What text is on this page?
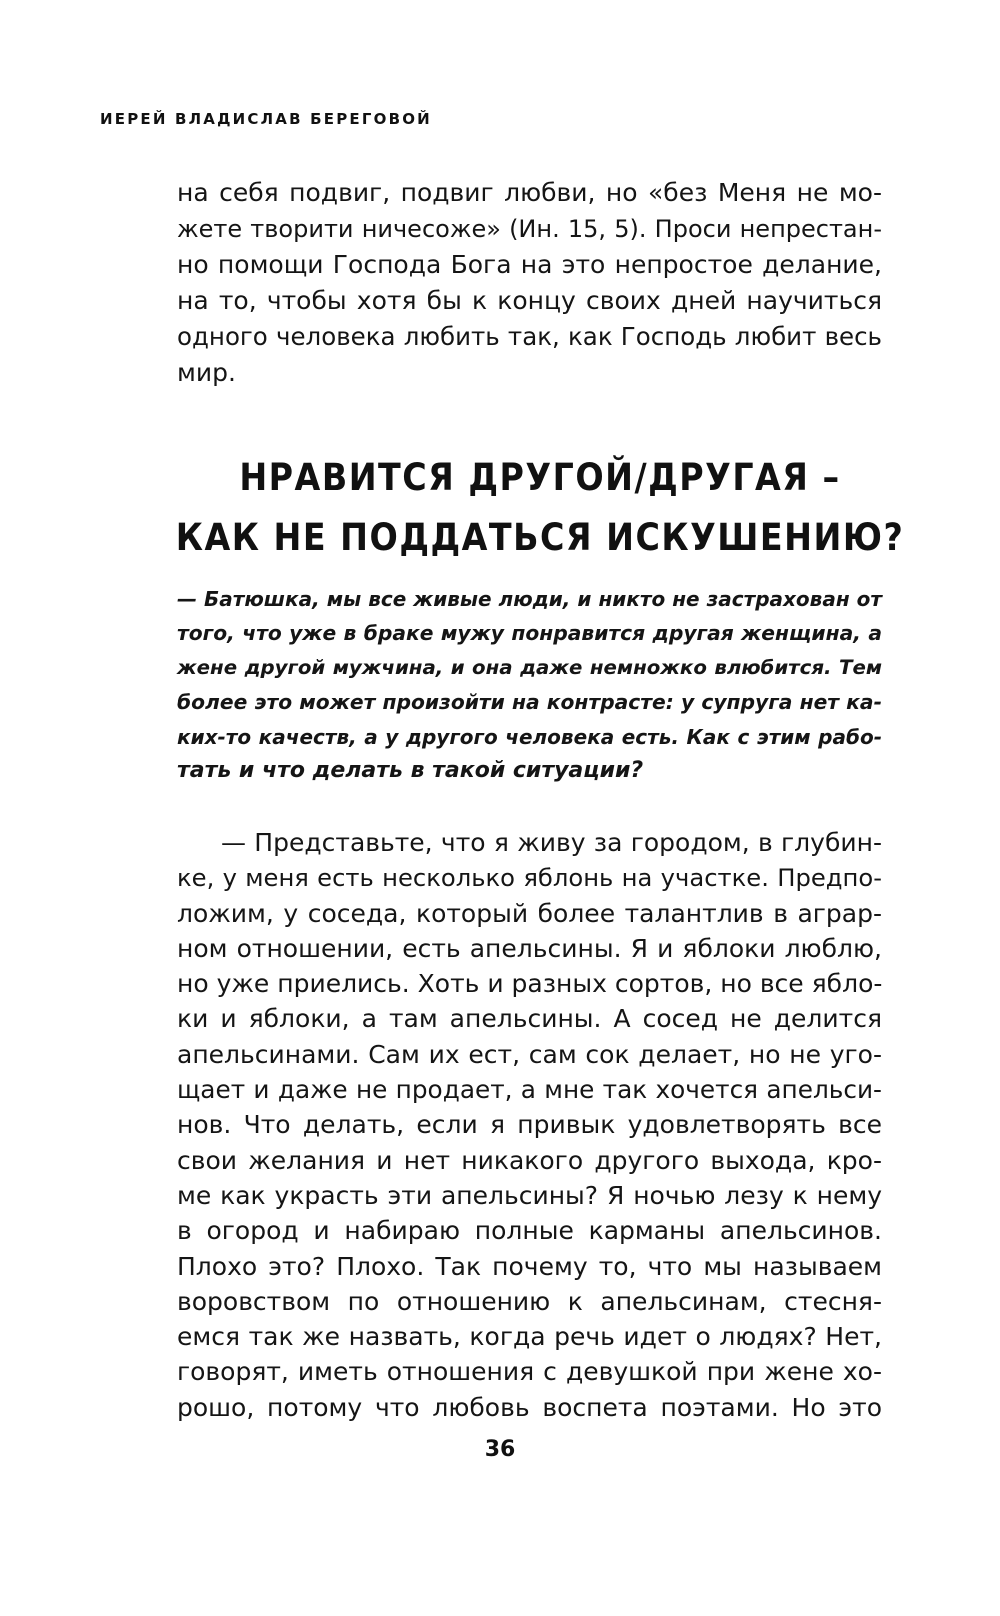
ИЕРЕЙ ВЛАДИСЛАВ БЕРЕГОВОЙ
на себя подвиг, подвиг любви, но «без Меня не мо-
жете творити ничесоже» (Ин. 15, 5). Проси непрестан-
но помощи Господа Бога на это непростое делание,
на то, чтобы хотя бы к концу своих дней научиться
одного человека любить так, как Господь любит весь
мир.
НРАВИТСЯ ДРУГОЙ/ДРУГАЯ –
КАК НЕ ПОДДАТЬСЯ ИСКУШЕНИЮ?
— Батюшка, мы все живые люди, и никто не застрахован от
того, что уже в браке мужу понравится другая женщина, а
жене другой мужчина, и она даже немножко влюбится. Тем
более это может произойти на контрасте: у супруга нет ка-
ких-то качеств, а у другого человека есть. Как с этим рабо-
тать и что делать в такой ситуации?
— Представьте, что я живу за городом, в глубин-
ке, у меня есть несколько яблонь на участке. Предпо-
ложим, у соседа, который более талантлив в аграр-
ном отношении, есть апельсины. Я и яблоки люблю,
но уже приелись. Хоть и разных сортов, но все ябло-
ки и яблоки, а там апельсины. А сосед не делится
апельсинами. Сам их ест, сам сок делает, но не уго-
щает и даже не продает, а мне так хочется апельси-
нов. Что делать, если я привык удовлетворять все
свои желания и нет никакого другого выхода, кро-
ме как украсть эти апельсины? Я ночью лезу к нему
в огород и набираю полные карманы апельсинов.
Плохо это? Плохо. Так почему то, что мы называем
воровством по отношению к апельсинам, стесня-
емся так же назвать, когда речь идет о людях? Нет,
говорят, иметь отношения с девушкой при жене хо-
рошо, потому что любовь воспета поэтами. Но это
36
